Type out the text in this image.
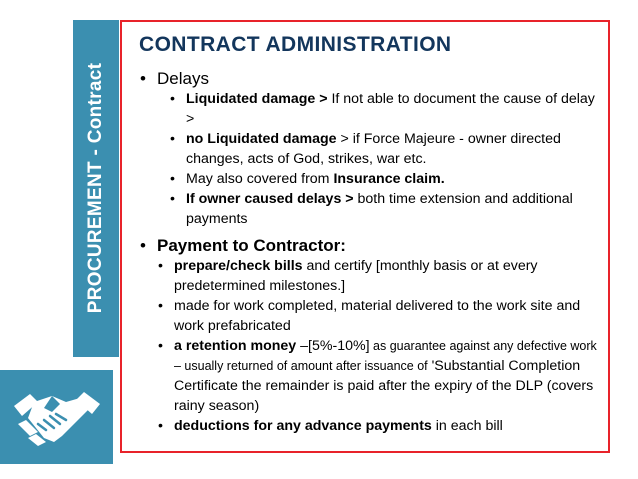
PROCUREMENT - Contract
CONTRACT ADMINISTRATION
• Delays
• Liquidated damage > If not able to document the cause of delay >
• no Liquidated damage > if Force Majeure - owner directed changes, acts of God, strikes, war etc.
• May also covered from Insurance claim.
• If owner caused delays > both time extension and additional payments
• Payment to Contractor:
• prepare/check bills and certify [monthly basis or at every predetermined milestones.]
• made for work completed, material delivered to the work site and work prefabricated
• a retention money –[5%-10%] as guarantee against any defective work – usually returned of amount after issuance of 'Substantial Completion Certificate the remainder is paid after the expiry of the DLP (covers rainy season)
• deductions for any advance payments in each bill
